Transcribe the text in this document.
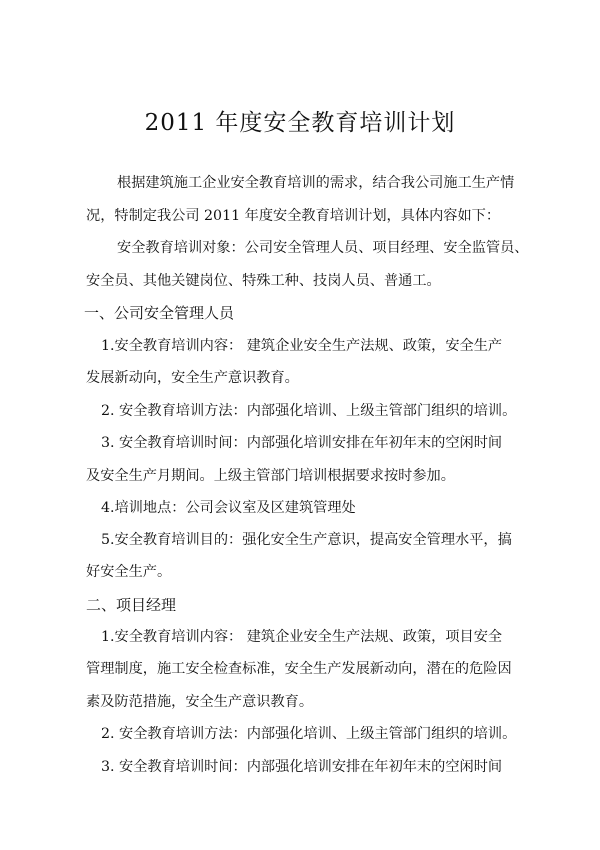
2011 年度安全教育培训计划
根据建筑施工企业安全教育培训的需求，结合我公司施工生产情
况，特制定我公司 2011 年度安全教育培训计划，具体内容如下：
安全教育培训对象：公司安全管理人员、项目经理、安全监管员、
安全员、其他关键岗位、特殊工种、技岗人员、普通工。
一、公司安全管理人员
1.安全教育培训内容： 建筑企业安全生产法规、政策，安全生产
发展新动向，安全生产意识教育。
2. 安全教育培训方法：内部强化培训、上级主管部门组织的培训。
3. 安全教育培训时间：内部强化培训安排在年初年末的空闲时间
及安全生产月期间。上级主管部门培训根据要求按时参加。
4.培训地点：公司会议室及区建筑管理处
5.安全教育培训目的：强化安全生产意识，提高安全管理水平，搞
好安全生产。
二、项目经理
1.安全教育培训内容： 建筑企业安全生产法规、政策，项目安全
管理制度，施工安全检查标准，安全生产发展新动向，潜在的危险因
素及防范措施，安全生产意识教育。
2. 安全教育培训方法：内部强化培训、上级主管部门组织的培训。
3. 安全教育培训时间：内部强化培训安排在年初年末的空闲时间
